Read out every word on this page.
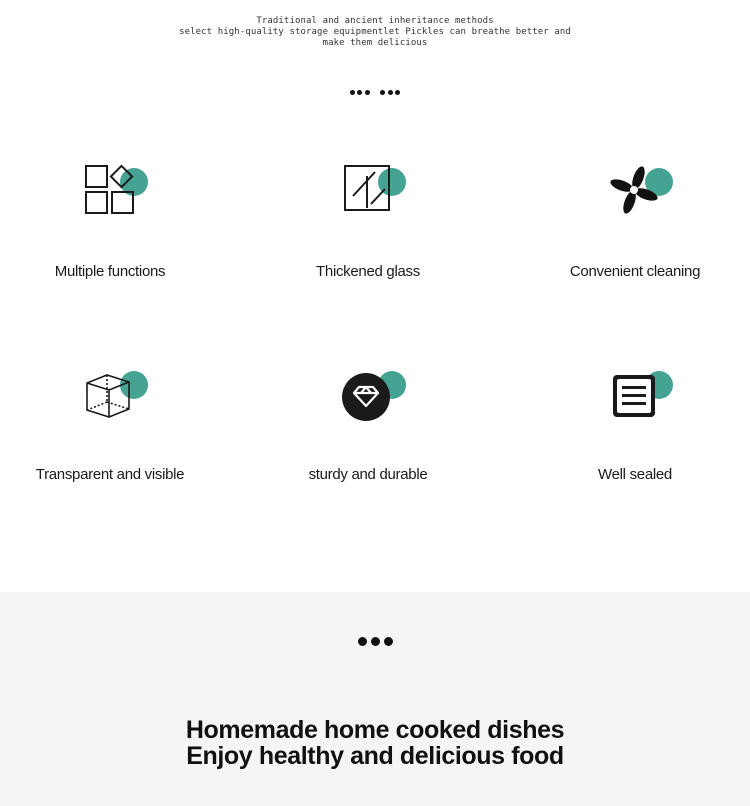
Traditional and ancient inheritance methods
select high-quality storage equipmentlet Pickles can breathe better and
make them delicious
Multiple functions	Thickened glass	Convenient cleaning
Transparent and visible	sturdy and durable	Well sealed
Homemade home cooked dishes
Enjoy healthy and delicious food
